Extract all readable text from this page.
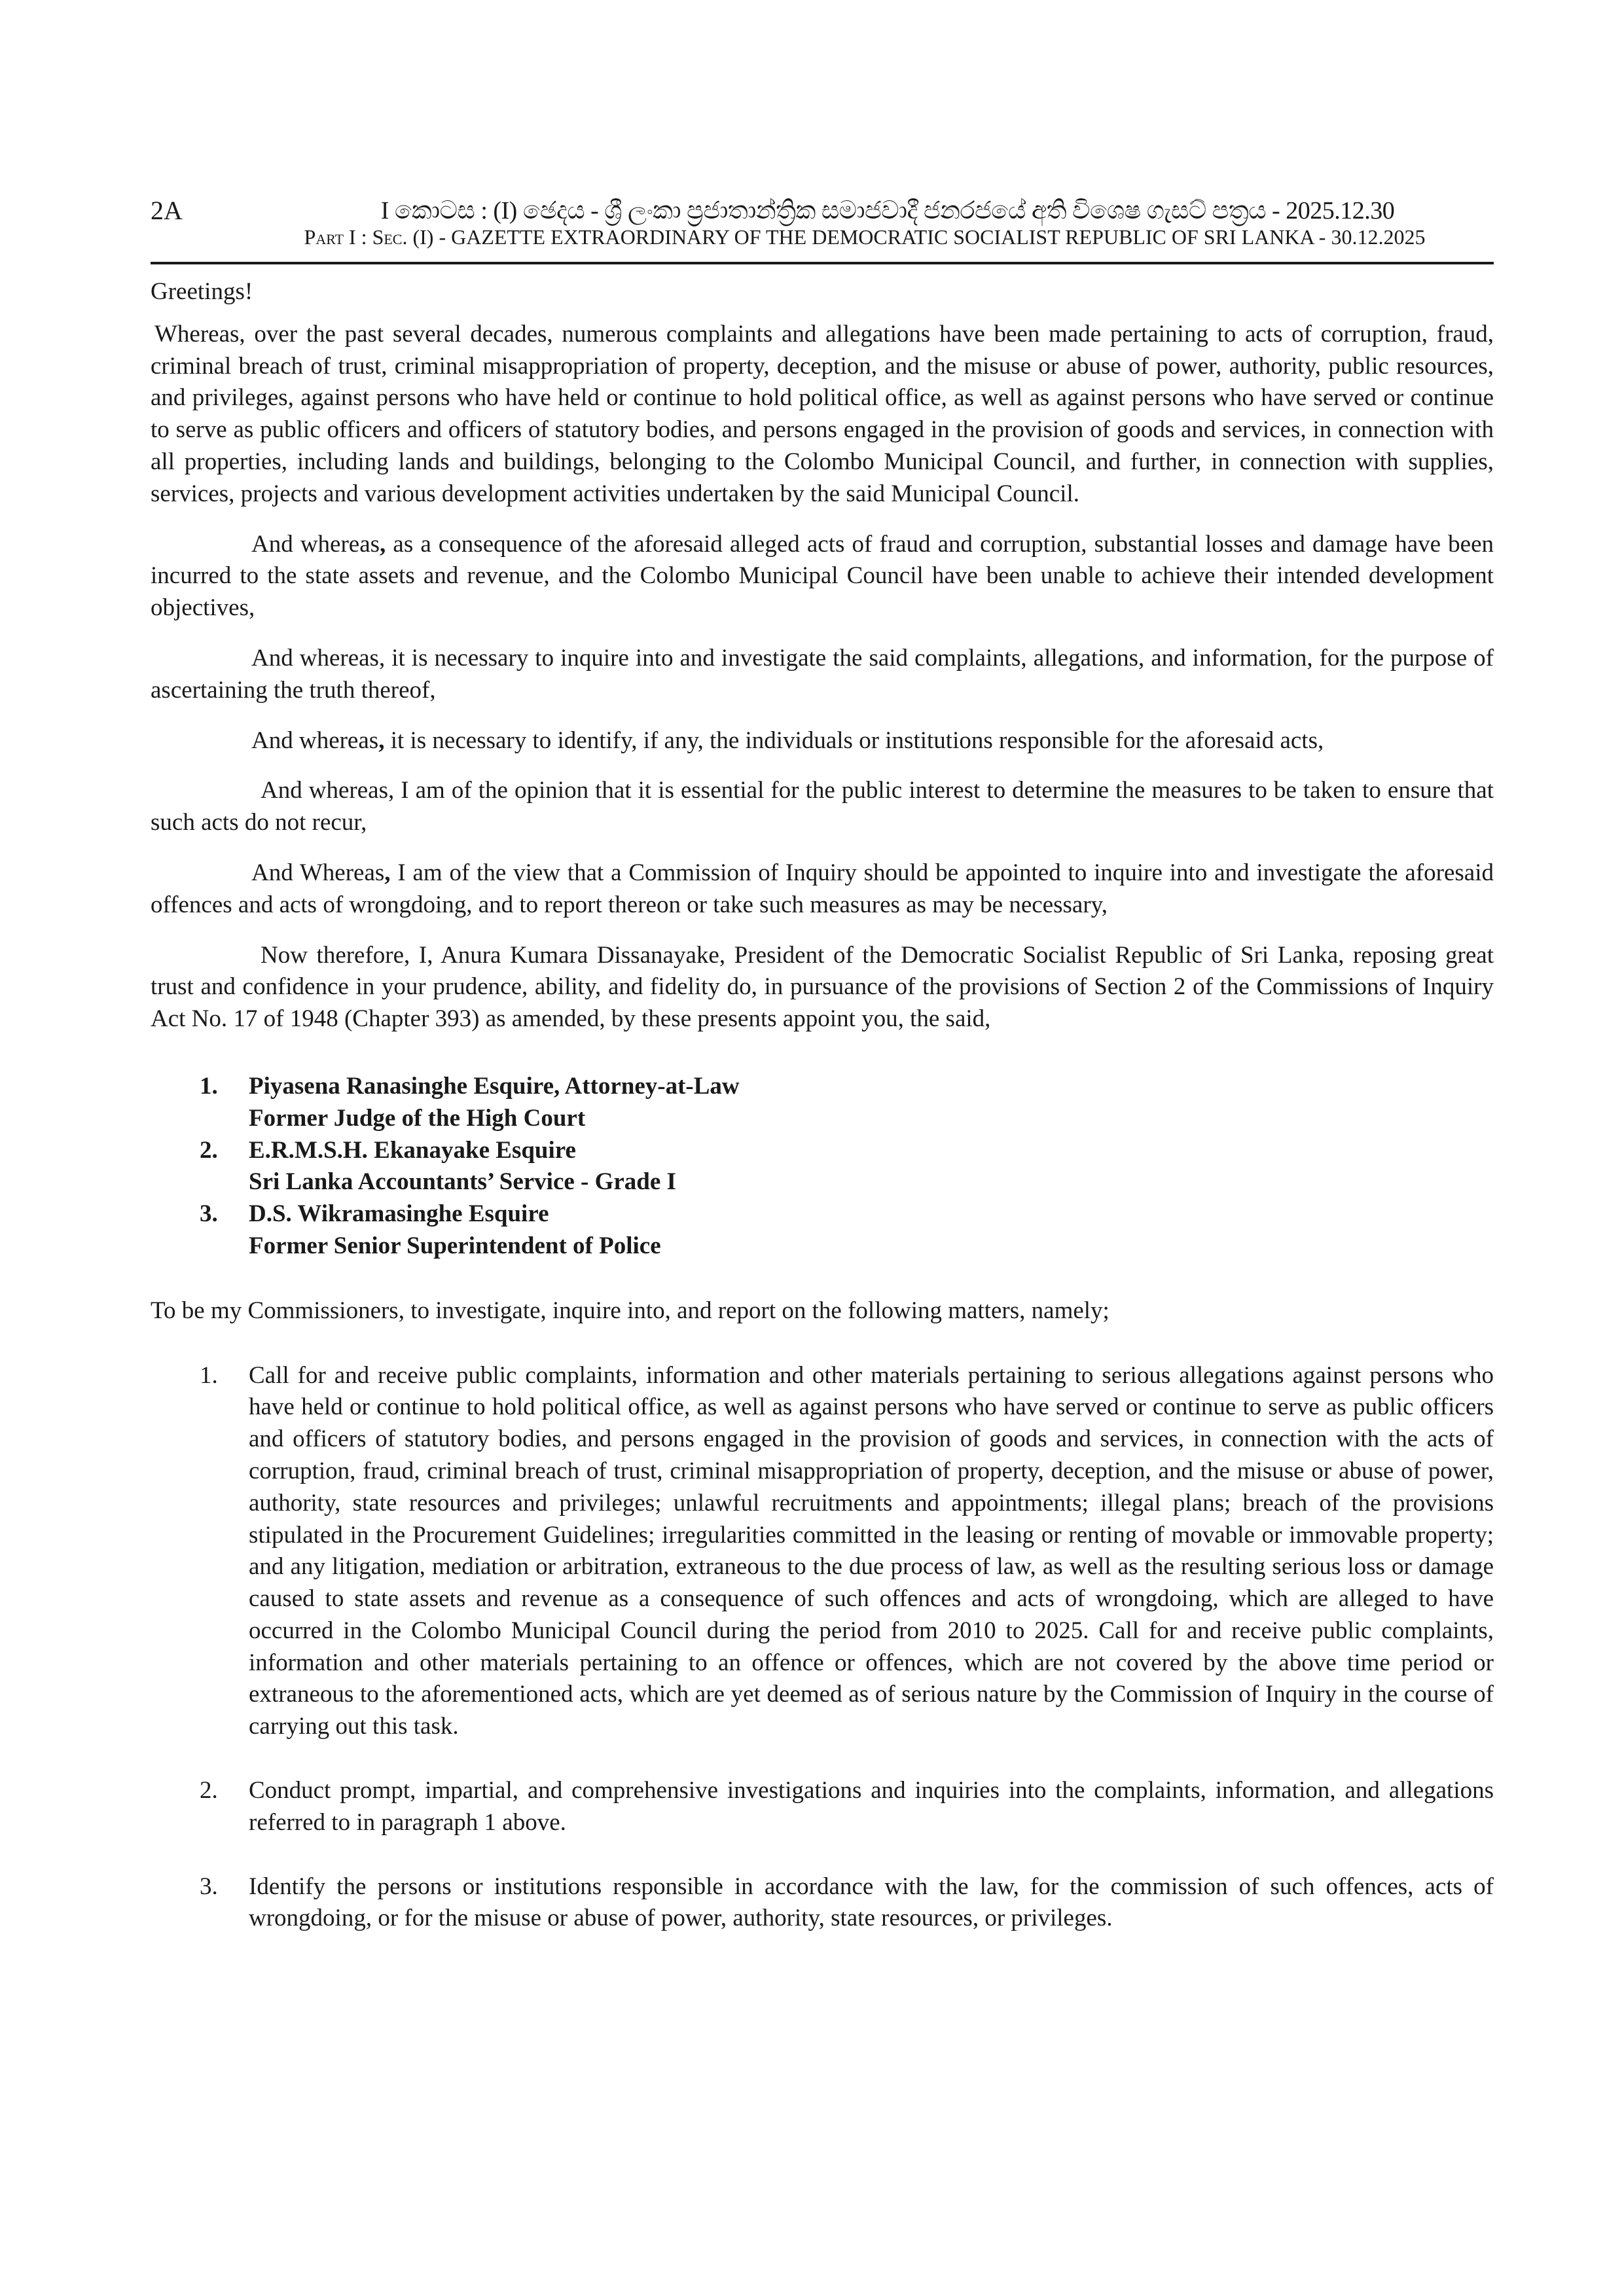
2A	I කොටස : (I) ඡෙදය - ශ්‍රී ලංකා ප්‍රජාතාන්ත්‍රික සමාජවාදී ජනරජයේ අති විශෙෂ ගැසට් පත්‍රය - 2025.12.30
Part I : Sec. (I) - GAZETTE EXTRAORDINARY OF THE DEMOCRATIC SOCIALIST REPUBLIC OF SRI LANKA - 30.12.2025

Greetings!

Whereas, over the past several decades, numerous complaints and allegations have been made pertaining to acts of corruption, fraud, criminal breach of trust, criminal misappropriation of property, deception, and the misuse or abuse of power, authority, public resources, and privileges, against persons who have held or continue to hold political office, as well as against persons who have served or continue to serve as public officers and officers of statutory bodies, and persons engaged in the provision of goods and services, in connection with all properties, including lands and buildings, belonging to the Colombo Municipal Council, and further, in connection with supplies, services, projects and various development activities undertaken by the said Municipal Council.

And whereas, as a consequence of the aforesaid alleged acts of fraud and corruption, substantial losses and damage have been incurred to the state assets and revenue, and the Colombo Municipal Council have been unable to achieve their intended development objectives,

And whereas, it is necessary to inquire into and investigate the said complaints, allegations, and information, for the purpose of ascertaining the truth thereof,

And whereas, it is necessary to identify, if any, the individuals or institutions responsible for the aforesaid acts,

And whereas, I am of the opinion that it is essential for the public interest to determine the measures to be taken to ensure that such acts do not recur,

And Whereas, I am of the view that a Commission of Inquiry should be appointed to inquire into and investigate the aforesaid offences and acts of wrongdoing, and to report thereon or take such measures as may be necessary,

Now therefore, I, Anura Kumara Dissanayake, President of the Democratic Socialist Republic of Sri Lanka, reposing great trust and confidence in your prudence, ability, and fidelity do, in pursuance of the provisions of Section 2 of the Commissions of Inquiry Act No. 17 of 1948 (Chapter 393) as amended, by these presents appoint you, the said,

1.	Piyasena Ranasinghe Esquire, Attorney-at-Law
Former Judge of the High Court
2.	E.R.M.S.H. Ekanayake Esquire
Sri Lanka Accountants’ Service - Grade I
3.	D.S. Wikramasinghe Esquire
Former Senior Superintendent of Police

To be my Commissioners, to investigate, inquire into, and report on the following matters, namely;

1.	Call for and receive public complaints, information and other materials pertaining to serious allegations against persons who have held or continue to hold political office, as well as against persons who have served or continue to serve as public officers and officers of statutory bodies, and persons engaged in the provision of goods and services, in connection with the acts of corruption, fraud, criminal breach of trust, criminal misappropriation of property, deception, and the misuse or abuse of power, authority, state resources and privileges; unlawful recruitments and appointments; illegal plans; breach of the provisions stipulated in the Procurement Guidelines; irregularities committed in the leasing or renting of movable or immovable property; and any litigation, mediation or arbitration, extraneous to the due process of law, as well as the resulting serious loss or damage caused to state assets and revenue as a consequence of such offences and acts of wrongdoing, which are alleged to have occurred in the Colombo Municipal Council during the period from 2010 to 2025. Call for and receive public complaints, information and other materials pertaining to an offence or offences, which are not covered by the above time period or extraneous to the aforementioned acts, which are yet deemed as of serious nature by the Commission of Inquiry in the course of carrying out this task.
2.	Conduct prompt, impartial, and comprehensive investigations and inquiries into the complaints, information, and allegations referred to in paragraph 1 above.
3.	Identify the persons or institutions responsible in accordance with the law, for the commission of such offences, acts of wrongdoing, or for the misuse or abuse of power, authority, state resources, or privileges.
